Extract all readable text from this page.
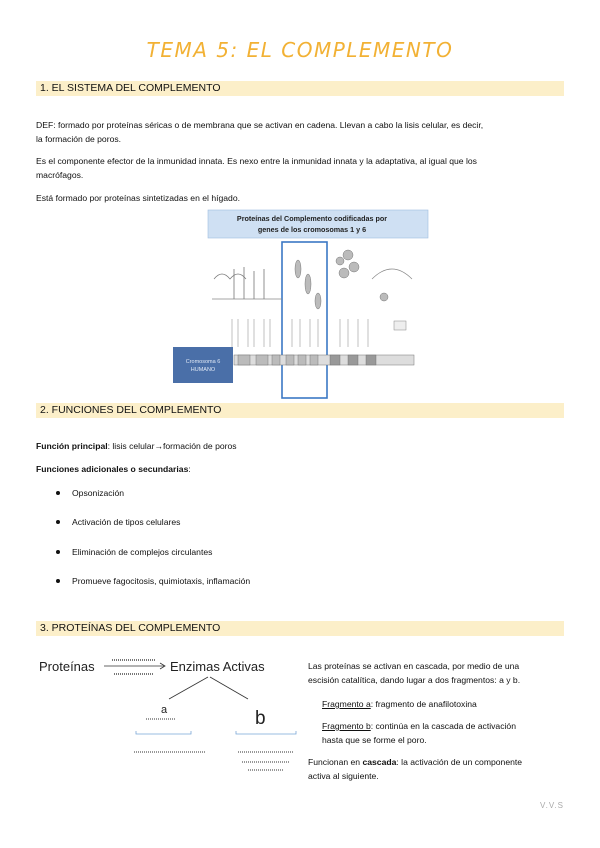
TEMA 5: EL COMPLEMENTO
1. EL SISTEMA DEL COMPLEMENTO
DEF: formado por proteínas séricas o de membrana que se activan en cadena. Llevan a cabo la lisis celular, es decir,
la formación de poros.
Es el componente efector de la inmunidad innata. Es nexo entre la inmunidad innata y la adaptativa, al igual que los
macrófagos.
Está formado por proteínas sintetizadas en el hígado.
Proteínas del Complemento codificadas por
genes de los cromosomas 1 y 6
Cromosoma 6
HUMANO
2. FUNCIONES DEL COMPLEMENTO
Función principal: lisis celular→formación de poros
Funciones adicionales o secundarias:
Opsonización
Activación de tipos celulares
Eliminación de complejos circulantes
Promueve fagocitosis, quimiotaxis, inflamación
3. PROTEÍNAS DEL COMPLEMENTO
Proteínas	Enzimas Activas
a	b
Las proteínas se activan en cascada, por medio de una
escisión catalítica, dando lugar a dos fragmentos: a y b.
Fragmento a: fragmento de anafilotoxina
Fragmento b: continúa en la cascada de activación
hasta que se forme el poro.
Funcionan en cascada: la activación de un componente
activa al siguiente.
V.V.S
